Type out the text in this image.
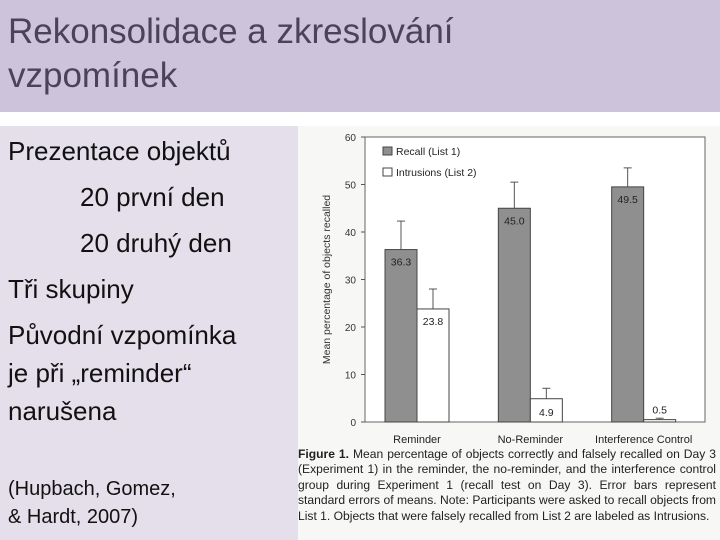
Rekonsolidace a zkreslování
vzpomínek
Prezentace objektů
20 první den
20 druhý den
Tři skupiny
Původní vzpomínka
je při „reminder“
narušena
(Hupbach, Gomez,
& Hardt, 2007)
0
10
20
30
40
50
60
Mean percentage of objects recalled	36.3
23.8
Reminder
45.0
4.9
No-Reminder
49.5
0.5
Interference Control
Recall (List 1)
Intrusions (List 2)
Figure 1. Mean percentage of objects correctly and falsely recalled on Day 3 (Experiment 1) in the reminder, the no-reminder, and the interference control group during Experiment 1 (recall test on Day 3). Error bars represent standard errors of means. Note: Participants were asked to recall objects from List 1. Objects that were falsely recalled from List 2 are labeled as Intrusions.
